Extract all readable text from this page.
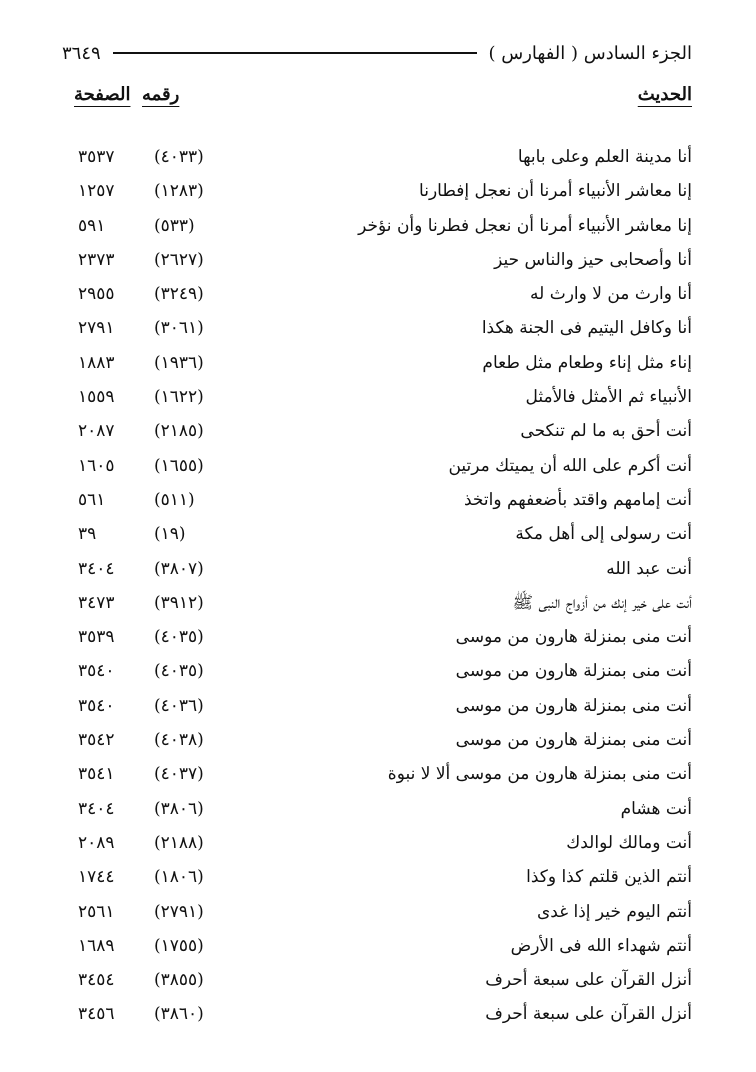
الجزء السادس ( الفهارس )
٣٦٤٩
الحديث
رقمه
الصفحة
أنا مدينة العلم وعلى بابها
(٤٠٣٣)
٣٥٣٧
إنا معاشر الأنبياء أمرنا أن نعجل إفطارنا
(١٢٨٣)
١٢٥٧
إنا معاشر الأنبياء أمرنا أن نعجل فطرنا وأن نؤخر
(٥٣٣)
٥٩١
أنا وأصحابى حيز والناس حيز
(٢٦٢٧)
٢٣٧٣
أنا وارث من لا وارث له
(٣٢٤٩)
٢٩٥٥
أنا وكافل اليتيم فى الجنة هكذا
(٣٠٦١)
٢٧٩١
إناء مثل إناء وطعام مثل طعام
(١٩٣٦)
١٨٨٣
الأنبياء ثم الأمثل فالأمثل
(١٦٢٢)
١٥٥٩
أنت أحق به ما لم تنكحى
(٢١٨٥)
٢٠٨٧
أنت أكرم على الله أن يميتك مرتين
(١٦٥٥)
١٦٠٥
أنت إمامهم واقتد بأضعفهم واتخذ
(٥١١)
٥٦١
أنت رسولى إلى أهل مكة
(١٩)
٣٩
أنت عبد الله
(٣٨٠٧)
٣٤٠٤
أنت على خير إنك من أزواج النبى ﷺ
(٣٩١٢)
٣٤٧٣
أنت منى بمنزلة هارون من موسى
(٤٠٣٥)
٣٥٣٩
أنت منى بمنزلة هارون من موسى
(٤٠٣٥)
٣٥٤٠
أنت منى بمنزلة هارون من موسى
(٤٠٣٦)
٣٥٤٠
أنت منى بمنزلة هارون من موسى
(٤٠٣٨)
٣٥٤٢
أنت منى بمنزلة هارون من موسى ألا لا نبوة
(٤٠٣٧)
٣٥٤١
أنت هشام
(٣٨٠٦)
٣٤٠٤
أنت ومالك لوالدك
(٢١٨٨)
٢٠٨٩
أنتم الذين قلتم كذا وكذا
(١٨٠٦)
١٧٤٤
أنتم اليوم خير إذا غدى
(٢٧٩١)
٢٥٦١
أنتم شهداء الله فى الأرض
(١٧٥٥)
١٦٨٩
أنزل القرآن على سبعة أحرف
(٣٨٥٥)
٣٤٥٤
أنزل القرآن على سبعة أحرف
(٣٨٦٠)
٣٤٥٦
